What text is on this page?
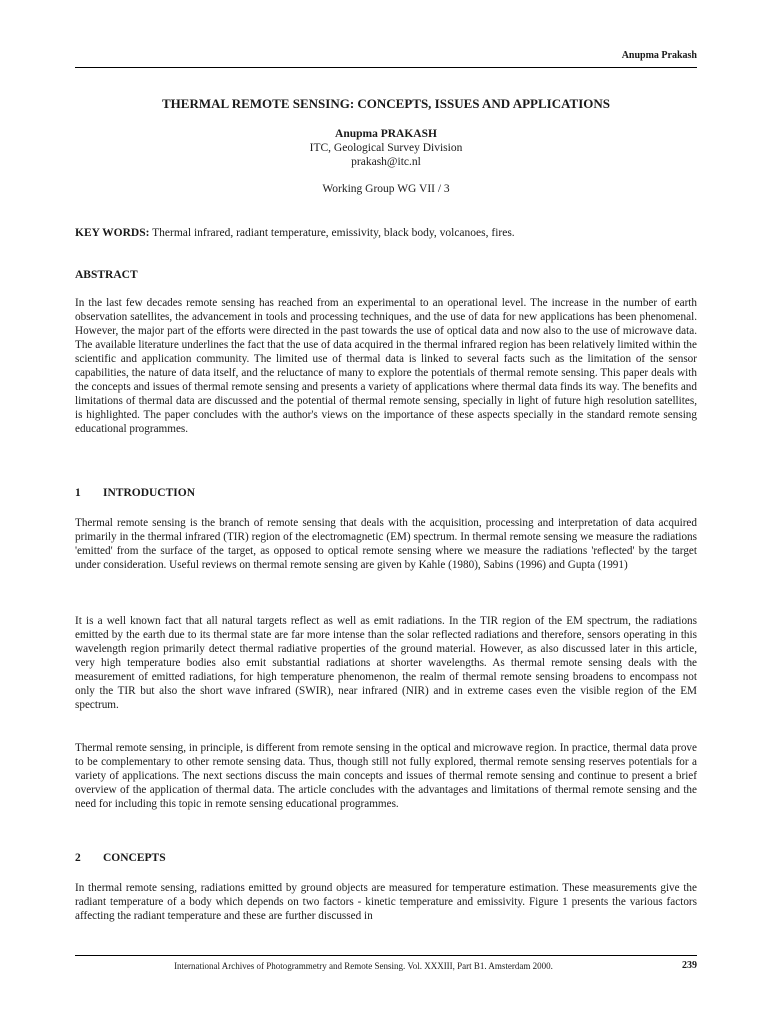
Anupma Prakash
THERMAL REMOTE SENSING: CONCEPTS, ISSUES AND APPLICATIONS
Anupma PRAKASH
ITC, Geological Survey Division
prakash@itc.nl
Working Group WG VII / 3
KEY WORDS: Thermal infrared, radiant temperature, emissivity, black body, volcanoes, fires.
ABSTRACT

In the last few decades remote sensing has reached from an experimental to an operational level. The increase in the number of earth observation satellites, the advancement in tools and processing techniques, and the use of data for new applications has been phenomenal. However, the major part of the efforts were directed in the past towards the use of optical data and now also to the use of microwave data. The available literature underlines the fact that the use of data acquired in the thermal infrared region has been relatively limited within the scientific and application community. The limited use of thermal data is linked to several facts such as the limitation of the sensor capabilities, the nature of data itself, and the reluctance of many to explore the potentials of thermal remote sensing. This paper deals with the concepts and issues of thermal remote sensing and presents a variety of applications where thermal data finds its way. The benefits and limitations of thermal data are discussed and the potential of thermal remote sensing, specially in light of future high resolution satellites, is highlighted. The paper concludes with the author's views on the importance of these aspects specially in the standard remote sensing educational programmes.

1 INTRODUCTION

Thermal remote sensing is the branch of remote sensing that deals with the acquisition, processing and interpretation of data acquired primarily in the thermal infrared (TIR) region of the electromagnetic (EM) spectrum. In thermal remote sensing we measure the radiations 'emitted' from the surface of the target, as opposed to optical remote sensing where we measure the radiations 'reflected' by the target under consideration. Useful reviews on thermal remote sensing are given by Kahle (1980), Sabins (1996) and Gupta (1991)

It is a well known fact that all natural targets reflect as well as emit radiations. In the TIR region of the EM spectrum, the radiations emitted by the earth due to its thermal state are far more intense than the solar reflected radiations and therefore, sensors operating in this wavelength region primarily detect thermal radiative properties of the ground material. However, as also discussed later in this article, very high temperature bodies also emit substantial radiations at shorter wavelengths. As thermal remote sensing deals with the measurement of emitted radiations, for high temperature phenomenon, the realm of thermal remote sensing broadens to encompass not only the TIR but also the short wave infrared (SWIR), near infrared (NIR) and in extreme cases even the visible region of the EM spectrum.

Thermal remote sensing, in principle, is different from remote sensing in the optical and microwave region. In practice, thermal data prove to be complementary to other remote sensing data. Thus, though still not fully explored, thermal remote sensing reserves potentials for a variety of applications. The next sections discuss the main concepts and issues of thermal remote sensing and continue to present a brief overview of the application of thermal data. The article concludes with the advantages and limitations of thermal remote sensing and the need for including this topic in remote sensing educational programmes.

2 CONCEPTS

In thermal remote sensing, radiations emitted by ground objects are measured for temperature estimation. These measurements give the radiant temperature of a body which depends on two factors - kinetic temperature and emissivity. Figure 1 presents the various factors affecting the radiant temperature and these are further discussed in

International Archives of Photogrammetry and Remote Sensing. Vol. XXXIII, Part B1. Amsterdam 2000.	239
